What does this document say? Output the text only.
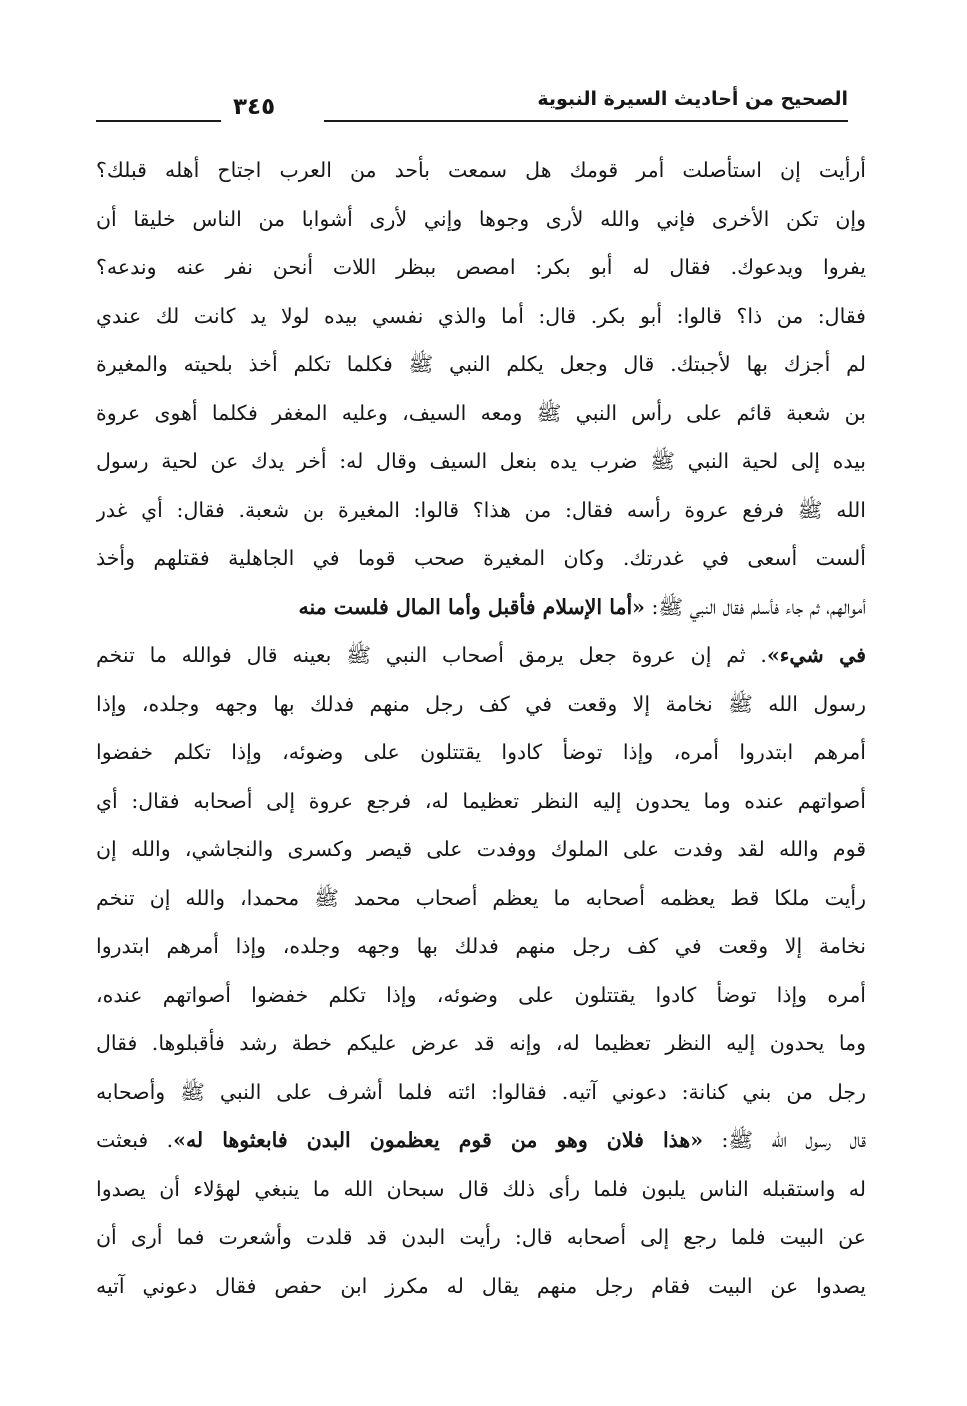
الصحيح من أحاديث السيرة النبوية
٣٤٥
أرأيت إن استأصلت أمر قومك هل سمعت بأحد من العرب اجتاح أهله قبلك؟
وإن تكن الأخرى فإني والله لأرى وجوها وإني لأرى أشوابا من الناس خليقا أن
يفروا ويدعوك. فقال له أبو بكر: امصص ببظر اللات أنحن نفر عنه وندعه؟
فقال: من ذا؟ قالوا: أبو بكر. قال: أما والذي نفسي بيده لولا يد كانت لك عندي
لم أجزك بها لأجبتك. قال وجعل يكلم النبي ﷺ فكلما تكلم أخذ بلحيته والمغيرة
بن شعبة قائم على رأس النبي ﷺ ومعه السيف، وعليه المغفر فكلما أهوى عروة
بيده إلى لحية النبي ﷺ ضرب يده بنعل السيف وقال له: أخر يدك عن لحية رسول
الله ﷺ فرفع عروة رأسه فقال: من هذا؟ قالوا: المغيرة بن شعبة. فقال: أي غدر
ألست أسعى في غدرتك. وكان المغيرة صحب قوما في الجاهلية فقتلهم وأخذ
أموالهم، ثم جاء فأسلم فقال النبي ﷺ: «أما الإسلام فأقبل وأما المال فلست منه
في شيء». ثم إن عروة جعل يرمق أصحاب النبي ﷺ بعينه قال فوالله ما تنخم
رسول الله ﷺ نخامة إلا وقعت في كف رجل منهم فدلك بها وجهه وجلده، وإذا
أمرهم ابتدروا أمره، وإذا توضأ كادوا يقتتلون على وضوئه، وإذا تكلم خفضوا
أصواتهم عنده وما يحدون إليه النظر تعظيما له، فرجع عروة إلى أصحابه فقال: أي
قوم والله لقد وفدت على الملوك ووفدت على قيصر وكسرى والنجاشي، والله إن
رأيت ملكا قط يعظمه أصحابه ما يعظم أصحاب محمد ﷺ محمدا، والله إن تنخم
نخامة إلا وقعت في كف رجل منهم فدلك بها وجهه وجلده، وإذا أمرهم ابتدروا
أمره وإذا توضأ كادوا يقتتلون على وضوئه، وإذا تكلم خفضوا أصواتهم عنده،
وما يحدون إليه النظر تعظيما له، وإنه قد عرض عليكم خطة رشد فأقبلوها. فقال
رجل من بني كنانة: دعوني آتيه. فقالوا: ائته فلما أشرف على النبي ﷺ وأصحابه
قال رسول الله ﷺ: «هذا فلان وهو من قوم يعظمون البدن فابعثوها له». فبعثت
له واستقبله الناس يلبون فلما رأى ذلك قال سبحان الله ما ينبغي لهؤلاء أن يصدوا
عن البيت فلما رجع إلى أصحابه قال: رأيت البدن قد قلدت وأشعرت فما أرى أن
يصدوا عن البيت فقام رجل منهم يقال له مكرز ابن حفص فقال دعوني آتيه
